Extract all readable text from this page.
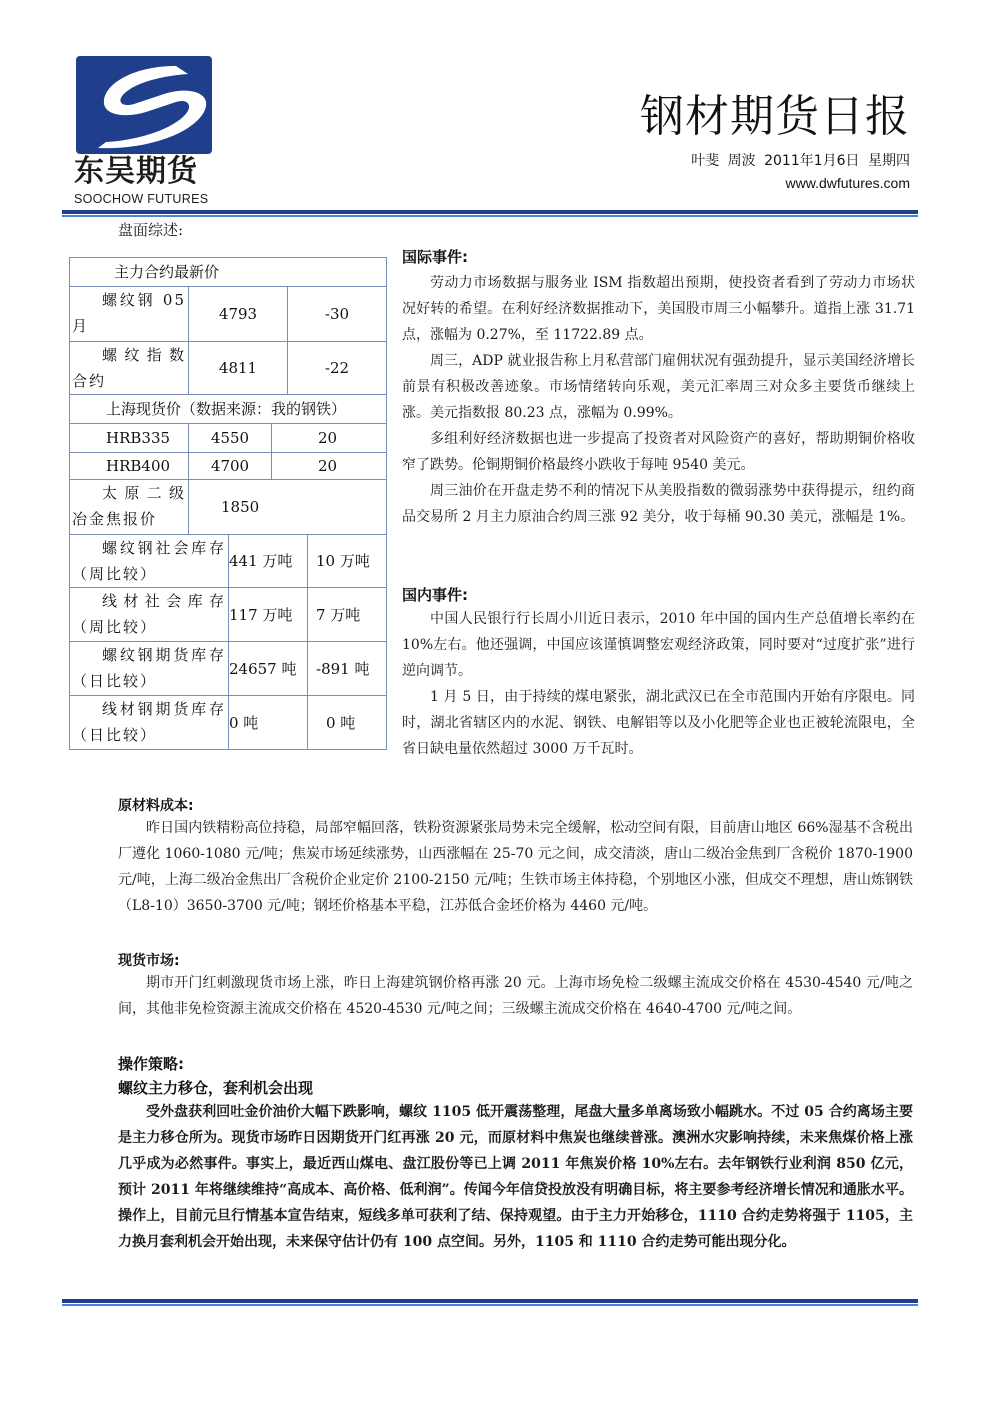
东吴期货
SOOCHOW FUTURES
钢材期货日报
叶斐 周波 2011年1月6日 星期四
www.dwfutures.com
盘面综述:
主力合约最新价
螺纹钢 05月
4793	-30
螺纹指数合约
4811	-22
上海现货价（数据来源：我的钢铁）
HRB335	4550	20
HRB400	4700	20
太原二级冶金焦报价
1850
螺纹钢社会库存（周比较）
441 万吨	10 万吨
线材社会库存（周比较）
117 万吨	7 万吨
螺纹钢期货库存（日比较）
24657 吨	-891 吨
线材钢期货库存（日比较）
0 吨	0 吨
国际事件:

劳动力市场数据与服务业 ISM 指数超出预期，使投资者看到了劳动力市场状况好转的希望。在利好经济数据推动下，美国股市周三小幅攀升。道指上涨 31.71 点，涨幅为 0.27%，至 11722.89 点。

周三，ADP 就业报告称上月私营部门雇佣状况有强劲提升，显示美国经济增长前景有积极改善迹象。市场情绪转向乐观，美元汇率周三对众多主要货币继续上涨。美元指数报 80.23 点，涨幅为 0.99%。

多组利好经济数据也进一步提高了投资者对风险资产的喜好，帮助期铜价格收窄了跌势。伦铜期铜价格最终小跌收于每吨 9540 美元。

周三油价在开盘走势不利的情况下从美股指数的微弱涨势中获得提示，纽约商品交易所 2 月主力原油合约周三涨 92 美分，收于每桶 90.30 美元，涨幅是 1%。

国内事件:

中国人民银行行长周小川近日表示，2010 年中国的国内生产总值增长率约在 10%左右。他还强调，中国应该谨慎调整宏观经济政策，同时要对“过度扩张”进行逆向调节。

1 月 5 日，由于持续的煤电紧张，湖北武汉已在全市范围内开始有序限电。同时，湖北省辖区内的水泥、钢铁、电解铝等以及小化肥等企业也正被轮流限电，全省日缺电量依然超过 3000 万千瓦时。

原材料成本:

昨日国内铁精粉高位持稳，局部窄幅回落，铁粉资源紧张局势未完全缓解，松动空间有限，目前唐山地区 66%湿基不含税出厂遵化 1060-1080 元/吨；焦炭市场延续涨势，山西涨幅在 25-70 元之间，成交清淡，唐山二级冶金焦到厂含税价 1870-1900 元/吨，上海二级冶金焦出厂含税价企业定价 2100-2150 元/吨；生铁市场主体持稳，个别地区小涨，但成交不理想，唐山炼钢铁（L8-10）3650-3700 元/吨；钢坯价格基本平稳，江苏低合金坯价格为 4460 元/吨。

现货市场:

期市开门红刺激现货市场上涨，昨日上海建筑钢价格再涨 20 元。上海市场免检二级螺主流成交价格在 4530-4540 元/吨之间，其他非免检资源主流成交价格在 4520-4530 元/吨之间；三级螺主流成交价格在 4640-4700 元/吨之间。

操作策略:
螺纹主力移仓，套利机会出现

受外盘获利回吐金价油价大幅下跌影响，螺纹 1105 低开震荡整理，尾盘大量多单离场致小幅跳水。不过 05 合约离场主要是主力移仓所为。现货市场昨日因期货开门红再涨 20 元，而原材料中焦炭也继续普涨。澳洲水灾影响持续，未来焦煤价格上涨几乎成为必然事件。事实上，最近西山煤电、盘江股份等已上调 2011 年焦炭价格 10%左右。去年钢铁行业利润 850 亿元，预计 2011 年将继续维持“高成本、高价格、低利润”。传闻今年信贷投放没有明确目标，将主要参考经济增长情况和通胀水平。操作上，目前元旦行情基本宣告结束，短线多单可获利了结、保持观望。由于主力开始移仓，1110 合约走势将强于 1105，主力换月套利机会开始出现，未来保守估计仍有 100 点空间。另外，1105 和 1110 合约走势可能出现分化。
